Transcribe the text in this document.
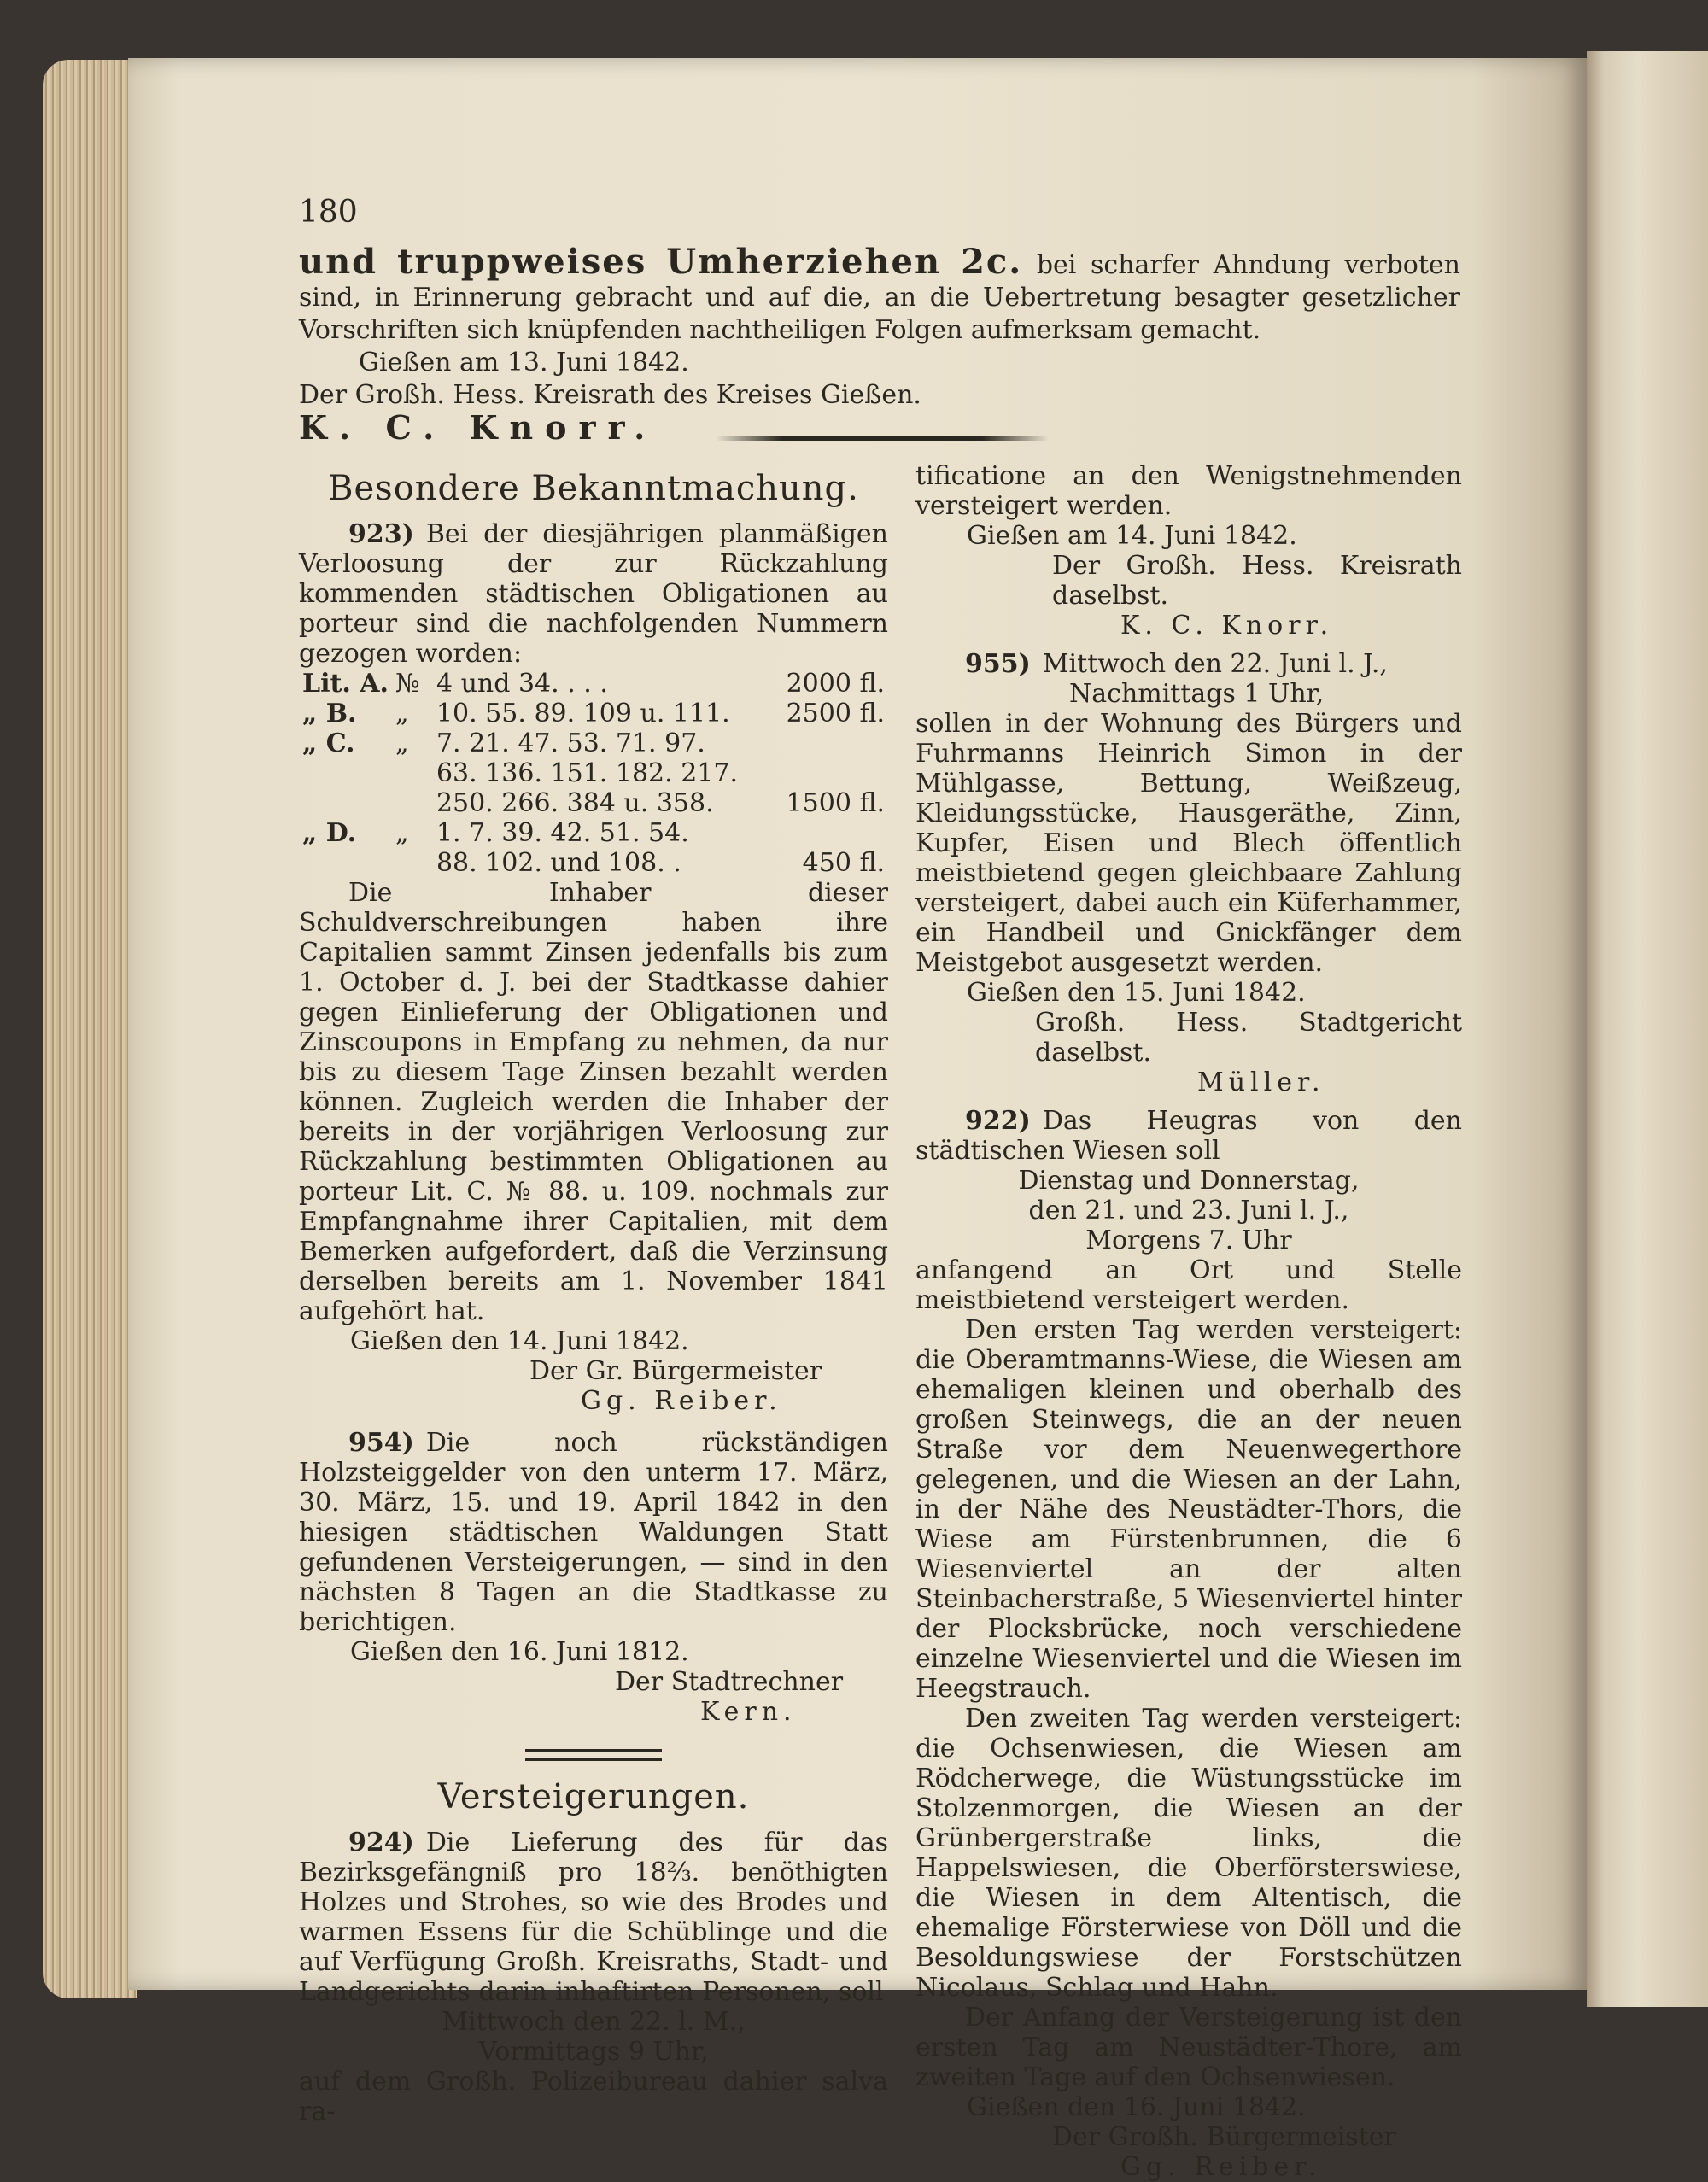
180

und truppweises Umherziehen 2c. bei scharfer Ahndung verboten sind, in Erinnerung gebracht und auf die, an die Uebertretung besagter gesetzlicher Vorschriften sich knüpfenden nachtheiligen Folgen aufmerksam gemacht.

Gießen am 13. Juni 1842.

Der Großh. Hess. Kreisrath des Kreises Gießen.

K. C. Knorr.

Besondere Bekanntmachung.

923) Bei der diesjährigen planmäßigen Verloosung der zur Rückzahlung kommenden städtischen Obligationen au porteur sind die nachfolgenden Nummern gezogen worden:

Lit. A.	№	4 und 34. . . .	2000 fl.
„ B.	„	10. 55. 89. 109 u. 111.	2500 fl.
„ C.	„	7. 21. 47. 53. 71. 97.	
		63. 136. 151. 182. 217.	
		250. 266. 384 u. 358.	1500 fl.
„ D.	„	1. 7. 39. 42. 51. 54.	
		88. 102. und 108. .	450 fl.

Die Inhaber dieser Schuldverschreibungen haben ihre Capitalien sammt Zinsen jedenfalls bis zum 1. October d. J. bei der Stadtkasse dahier gegen Einlieferung der Obligationen und Zinscoupons in Empfang zu nehmen, da nur bis zu diesem Tage Zinsen bezahlt werden können. Zugleich werden die Inhaber der bereits in der vorjährigen Verloosung zur Rückzahlung bestimmten Obligationen au porteur Lit. C. № 88. u. 109. nochmals zur Empfangnahme ihrer Capitalien, mit dem Bemerken aufgefordert, daß die Verzinsung derselben bereits am 1. November 1841 aufgehört hat.

Gießen den 14. Juni 1842.

Der Gr. Bürgermeister

Gg. Reiber.

954) Die noch rückständigen Holzsteiggelder von den unterm 17. März, 30. März, 15. und 19. April 1842 in den hiesigen städtischen Waldungen Statt gefundenen Versteigerungen, — sind in den nächsten 8 Tagen an die Stadtkasse zu berichtigen.

Gießen den 16. Juni 1812.

Der Stadtrechner

Kern.

Versteigerungen.

924) Die Lieferung des für das Bezirksgefängniß pro 18⅔. benöthigten Holzes und Strohes, so wie des Brodes und warmen Essens für die Schüblinge und die auf Verfügung Großh. Kreisraths, Stadt- und Landgerichts darin inhaftirten Personen, soll

Mittwoch den 22. l. M.,

Vormittags 9 Uhr,

auf dem Großh. Polizeibureau dahier salva ra-

tificatione an den Wenigstnehmenden versteigert werden.

Gießen am 14. Juni 1842.

Der Großh. Hess. Kreisrath daselbst.

K. C. Knorr.

955) Mittwoch den 22. Juni l. J.,

Nachmittags 1 Uhr,

sollen in der Wohnung des Bürgers und Fuhrmanns Heinrich Simon in der Mühlgasse, Bettung, Weißzeug, Kleidungsstücke, Hausgeräthe, Zinn, Kupfer, Eisen und Blech öffentlich meistbietend gegen gleichbaare Zahlung versteigert, dabei auch ein Küferhammer, ein Handbeil und Gnickfänger dem Meistgebot ausgesetzt werden.

Gießen den 15. Juni 1842.

Großh. Hess. Stadtgericht daselbst.

Müller.

922) Das Heugras von den städtischen Wiesen soll

Dienstag und Donnerstag,

den 21. und 23. Juni l. J.,

Morgens 7. Uhr

anfangend an Ort und Stelle meistbietend versteigert werden.

Den ersten Tag werden versteigert: die Oberamtmanns-Wiese, die Wiesen am ehemaligen kleinen und oberhalb des großen Steinwegs, die an der neuen Straße vor dem Neuenwegerthore gelegenen, und die Wiesen an der Lahn, in der Nähe des Neustädter-Thors, die Wiese am Fürstenbrunnen, die 6 Wiesenviertel an der alten Steinbacherstraße, 5 Wiesenviertel hinter der Plocksbrücke, noch verschiedene einzelne Wiesenviertel und die Wiesen im Heegstrauch.

Den zweiten Tag werden versteigert: die Ochsenwiesen, die Wiesen am Rödcherwege, die Wüstungsstücke im Stolzenmorgen, die Wiesen an der Grünbergerstraße links, die Happelswiesen, die Oberförsterswiese, die Wiesen in dem Altentisch, die ehemalige Försterwiese von Döll und die Besoldungswiese der Forstschützen Nicolaus, Schlag und Hahn.

Der Anfang der Versteigerung ist den ersten Tag am Neustädter-Thore, am zweiten Tage auf den Ochsenwiesen.

Gießen den 16. Juni 1842.

Der Großh. Bürgermeister

Gg. Reiber.
